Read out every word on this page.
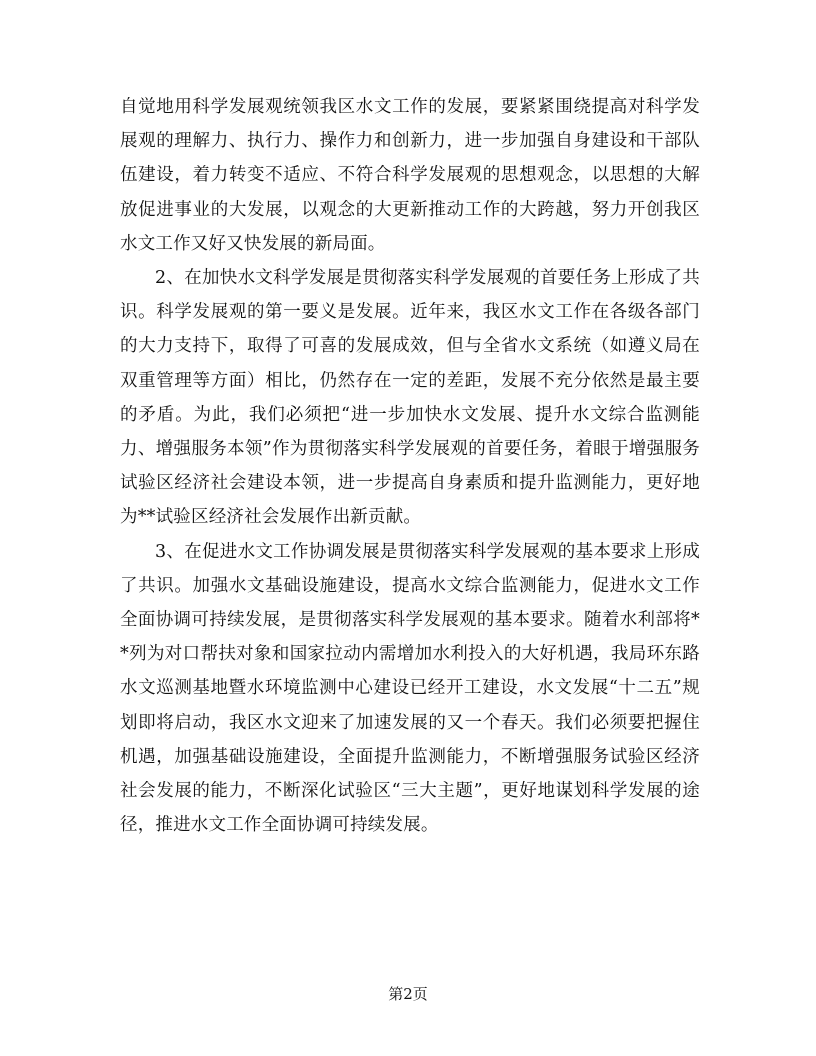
自觉地用科学发展观统领我区水文工作的发展，要紧紧围绕提高对科学发展观的理解力、执行力、操作力和创新力，进一步加强自身建设和干部队伍建设，着力转变不适应、不符合科学发展观的思想观念，以思想的大解放促进事业的大发展，以观念的大更新推动工作的大跨越，努力开创我区水文工作又好又快发展的新局面。

2、在加快水文科学发展是贯彻落实科学发展观的首要任务上形成了共识。科学发展观的第一要义是发展。近年来，我区水文工作在各级各部门的大力支持下，取得了可喜的发展成效，但与全省水文系统（如遵义局在双重管理等方面）相比，仍然存在一定的差距，发展不充分依然是最主要的矛盾。为此，我们必须把“进一步加快水文发展、提升水文综合监测能力、增强服务本领”作为贯彻落实科学发展观的首要任务，着眼于增强服务试验区经济社会建设本领，进一步提高自身素质和提升监测能力，更好地为**试验区经济社会发展作出新贡献。

3、在促进水文工作协调发展是贯彻落实科学发展观的基本要求上形成了共识。加强水文基础设施建设，提高水文综合监测能力，促进水文工作全面协调可持续发展，是贯彻落实科学发展观的基本要求。随着水利部将**列为对口帮扶对象和国家拉动内需增加水利投入的大好机遇，我局环东路水文巡测基地暨水环境监测中心建设已经开工建设，水文发展“十二五”规划即将启动，我区水文迎来了加速发展的又一个春天。我们必须要把握住机遇，加强基础设施建设，全面提升监测能力，不断增强服务试验区经济社会发展的能力，不断深化试验区“三大主题”，更好地谋划科学发展的途径，推进水文工作全面协调可持续发展。

第2页
